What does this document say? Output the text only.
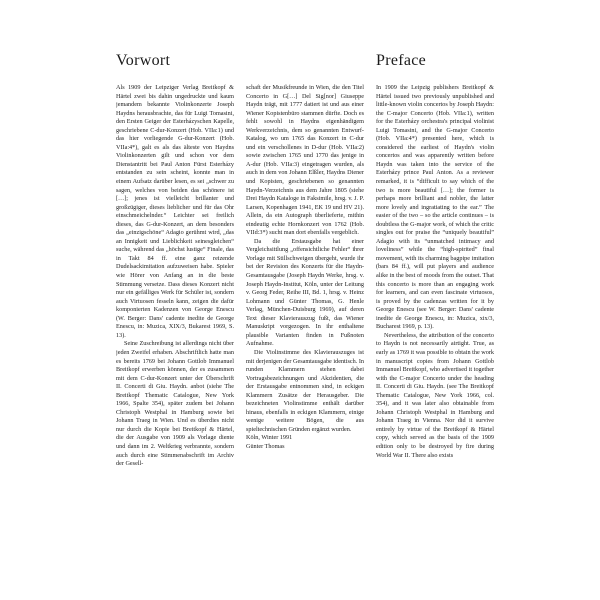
Vorwort	Preface

Als 1909 der Leipziger Verlag Breitkopf & Härtel zwei bis dahin ungedruckte und kaum jemandem bekannte Violinkonzerte Joseph Haydns herausbrachte, das für Luigi Tomasini, den Ersten Geiger der Esterházyschen Kapelle, geschriebene C-dur-Konzert (Hob. VIIa:1) und das hier vorliegende G-dur-Konzert (Hob. VIIa:4*), galt es als das älteste von Haydns Violinkonzerten gilt und schon vor dem Dienstantritt bei Paul Anton Fürst Esterházy entstanden zu sein scheint, konnte man in einem Aufsatz darüber lesen, es sei „schwer zu sagen, welches von beiden das schönere ist […]; jenes ist vielleicht brillanter und großzügiger, dieses lieblicher und für das Ohr einschmeichelnder.“ Leichter sei freilich dieses, das G-dur-Konzert, an dem besonders das „einzigschöne“ Adagio gerühmt wird, „das an Innigkeit und Lieblichkeit seinesgleichen“ suche, während das „höchst lustige“ Finale, das in Takt 84 ff. eine ganz reizende Dudelsackimitation aufzuweisen habe. Spieler wie Hörer von Anfang an in die beste Stimmung versetze. Dass dieses Konzert nicht nur ein gefälliges Werk für Schüler ist, sondern auch Virtuosen fesseln kann, zeigen die dafür komponierten Kadenzen von George Enescu (W. Berger: Dans' cadente inedite de George Enescu, in: Muzica, XIX/3, Bukarest 1969, S. 13).

Seine Zuschreibung ist allerdings nicht über jeden Zweifel erhaben. Abschriftlich hatte man es bereits 1769 bei Johann Gottlob Immanuel Breitkopf erwerben können, der es zusammen mit dem C-dur-Konzert unter der Überschrift II. Concerti di Giu. Haydn. anbot (siehe The Breitkopf Thematic Catalogue, New York 1966, Spalte 354), später zudem bei Johann Christoph Westphal in Hamburg sowie bei Johann Traeg in Wien. Und es überdies nicht nur durch die Kopie bei Breitkopf & Härtel, die der Ausgabe von 1909 als Vorlage diente und dann im 2. Weltkrieg verbrannte, sondern auch durch eine Stimmenabschrift im Archiv der Gesell-

schaft der Musikfreunde in Wien, die den Titel Concerto in G[…] Del Sig[nor] Giuseppe Haydn trägt, mit 1777 datiert ist und aus einer Wiener Kopistenbüro stammen dürfte. Doch es fehlt sowohl in Haydns eigenhändigem Werkverzeichnis, dem so genannten Entwurf-Katalog, wo um 1765 das Konzert in C-dur und ein verschollenes in D-dur (Hob. VIIa:2) sowie zwischen 1765 und 1770 das jenige in A-dur (Hob. VIIa:3) eingetragen wurden, als auch in dem von Johann Elßler, Haydns Diener und Kopisten, geschriebenen so genannten Haydn-Verzeichnis aus dem Jahre 1805 (siehe Drei Haydn Kataloge in Faksimile, hrsg. v. J. P. Larsen, Kopenhagen 1941, EK 19 und HV 21). Allein, da ein Autograph überlieferte, mithin eindeutig echte Hornkonzert von 1762 (Hob. VIId:3*) sucht man dort ebenfalls vergeblich.

Da die Erstausgabe hat einer Vergleichsittlung „offensichtliche Fehler“ ihrer Vorlage mit Stillschweigen übergeht, wurde ihr bei der Revision des Konzerts für die Haydn-Gesamtausgabe (Joseph Haydn Werke, hrsg. v. Joseph Haydn-Institut, Köln, unter der Leitung v. Georg Feder, Reihe III, Bd. 1, hrsg. v. Heinz Lohmann und Günter Thomas, G. Henle Verlag, München-Duisburg 1969), auf deren Text dieser Klavierauszug fußt, das Wiener Manuskript vorgezogen. In ihr enthaltene plausible Varianten finden in Fußnoten Aufnahme.

Die Violinstimme des Klavierauszuges ist mit derjenigen der Gesamtausgabe identisch. In runden Klammern stehen dabei Vortragsbezeichnungen und Akzidentien, die der Erstausgabe entnommen sind, in eckigen Klammern Zusätze der Herausgeber. Die bezeichneten Violinstimme enthält darüber hinaus, ebenfalls in eckigen Klammern, einige wenige weitere Bögen, die aus spieltechnischen Gründen ergänzt wurden.

Köln, Winter 1991

Günter Thomas

In 1909 the Leipzig publishers Breitkopf & Härtel issued two previously unpublished and little-known violin concertos by Joseph Haydn: the C-major Concerto (Hob. VIIa:1), written for the Esterházy orchestra's principal violinist Luigi Tomasini, and the G-major Concerto (Hob. VIIa:4*) presented here, which is considered the earliest of Haydn's violin concertos and was apparently written before Haydn was taken into the service of the Esterházy prince Paul Anton. As a reviewer remarked, it is “difficult to say which of the two is more beautiful […]; the former is perhaps more brilliant and nobler, the latter more lovely and ingratiating to the ear.” The easier of the two – so the article continues – is doubtless the G-major work, of which the critic singles out for praise the “uniquely beautiful” Adagio with its “unmatched intimacy and loveliness” while the “high-spirited” final movement, with its charming bagpipe imitation (bars 84 ff.), will put players and audience alike in the best of moods from the outset. That this concerto is more than an engaging work for learners, and can even fascinate virtuosos, is proved by the cadenzas written for it by George Enescu (see W. Berger: Dans' cadente inedite de George Enescu, in: Muzica, xix/3, Bucharest 1969, p. 13).

Nevertheless, the attribution of the concerto to Haydn is not necessarily airtight. True, as early as 1769 it was possible to obtain the work in manuscript copies from Johann Gottlob Immanuel Breitkopf, who advertised it together with the C-major Concerto under the heading II. Concerti di Giu. Haydn. (see The Breitkopf Thematic Catalogue, New York 1966, col. 354), and it was later also obtainable from Johann Christoph Westphal in Hamburg and Johann Traeg in Vienna. Nor did it survive entirely by virtue of the Breitkopf & Härtel copy, which served as the basis of the 1909 edition only to be destroyed by fire during World War II. There also exists
